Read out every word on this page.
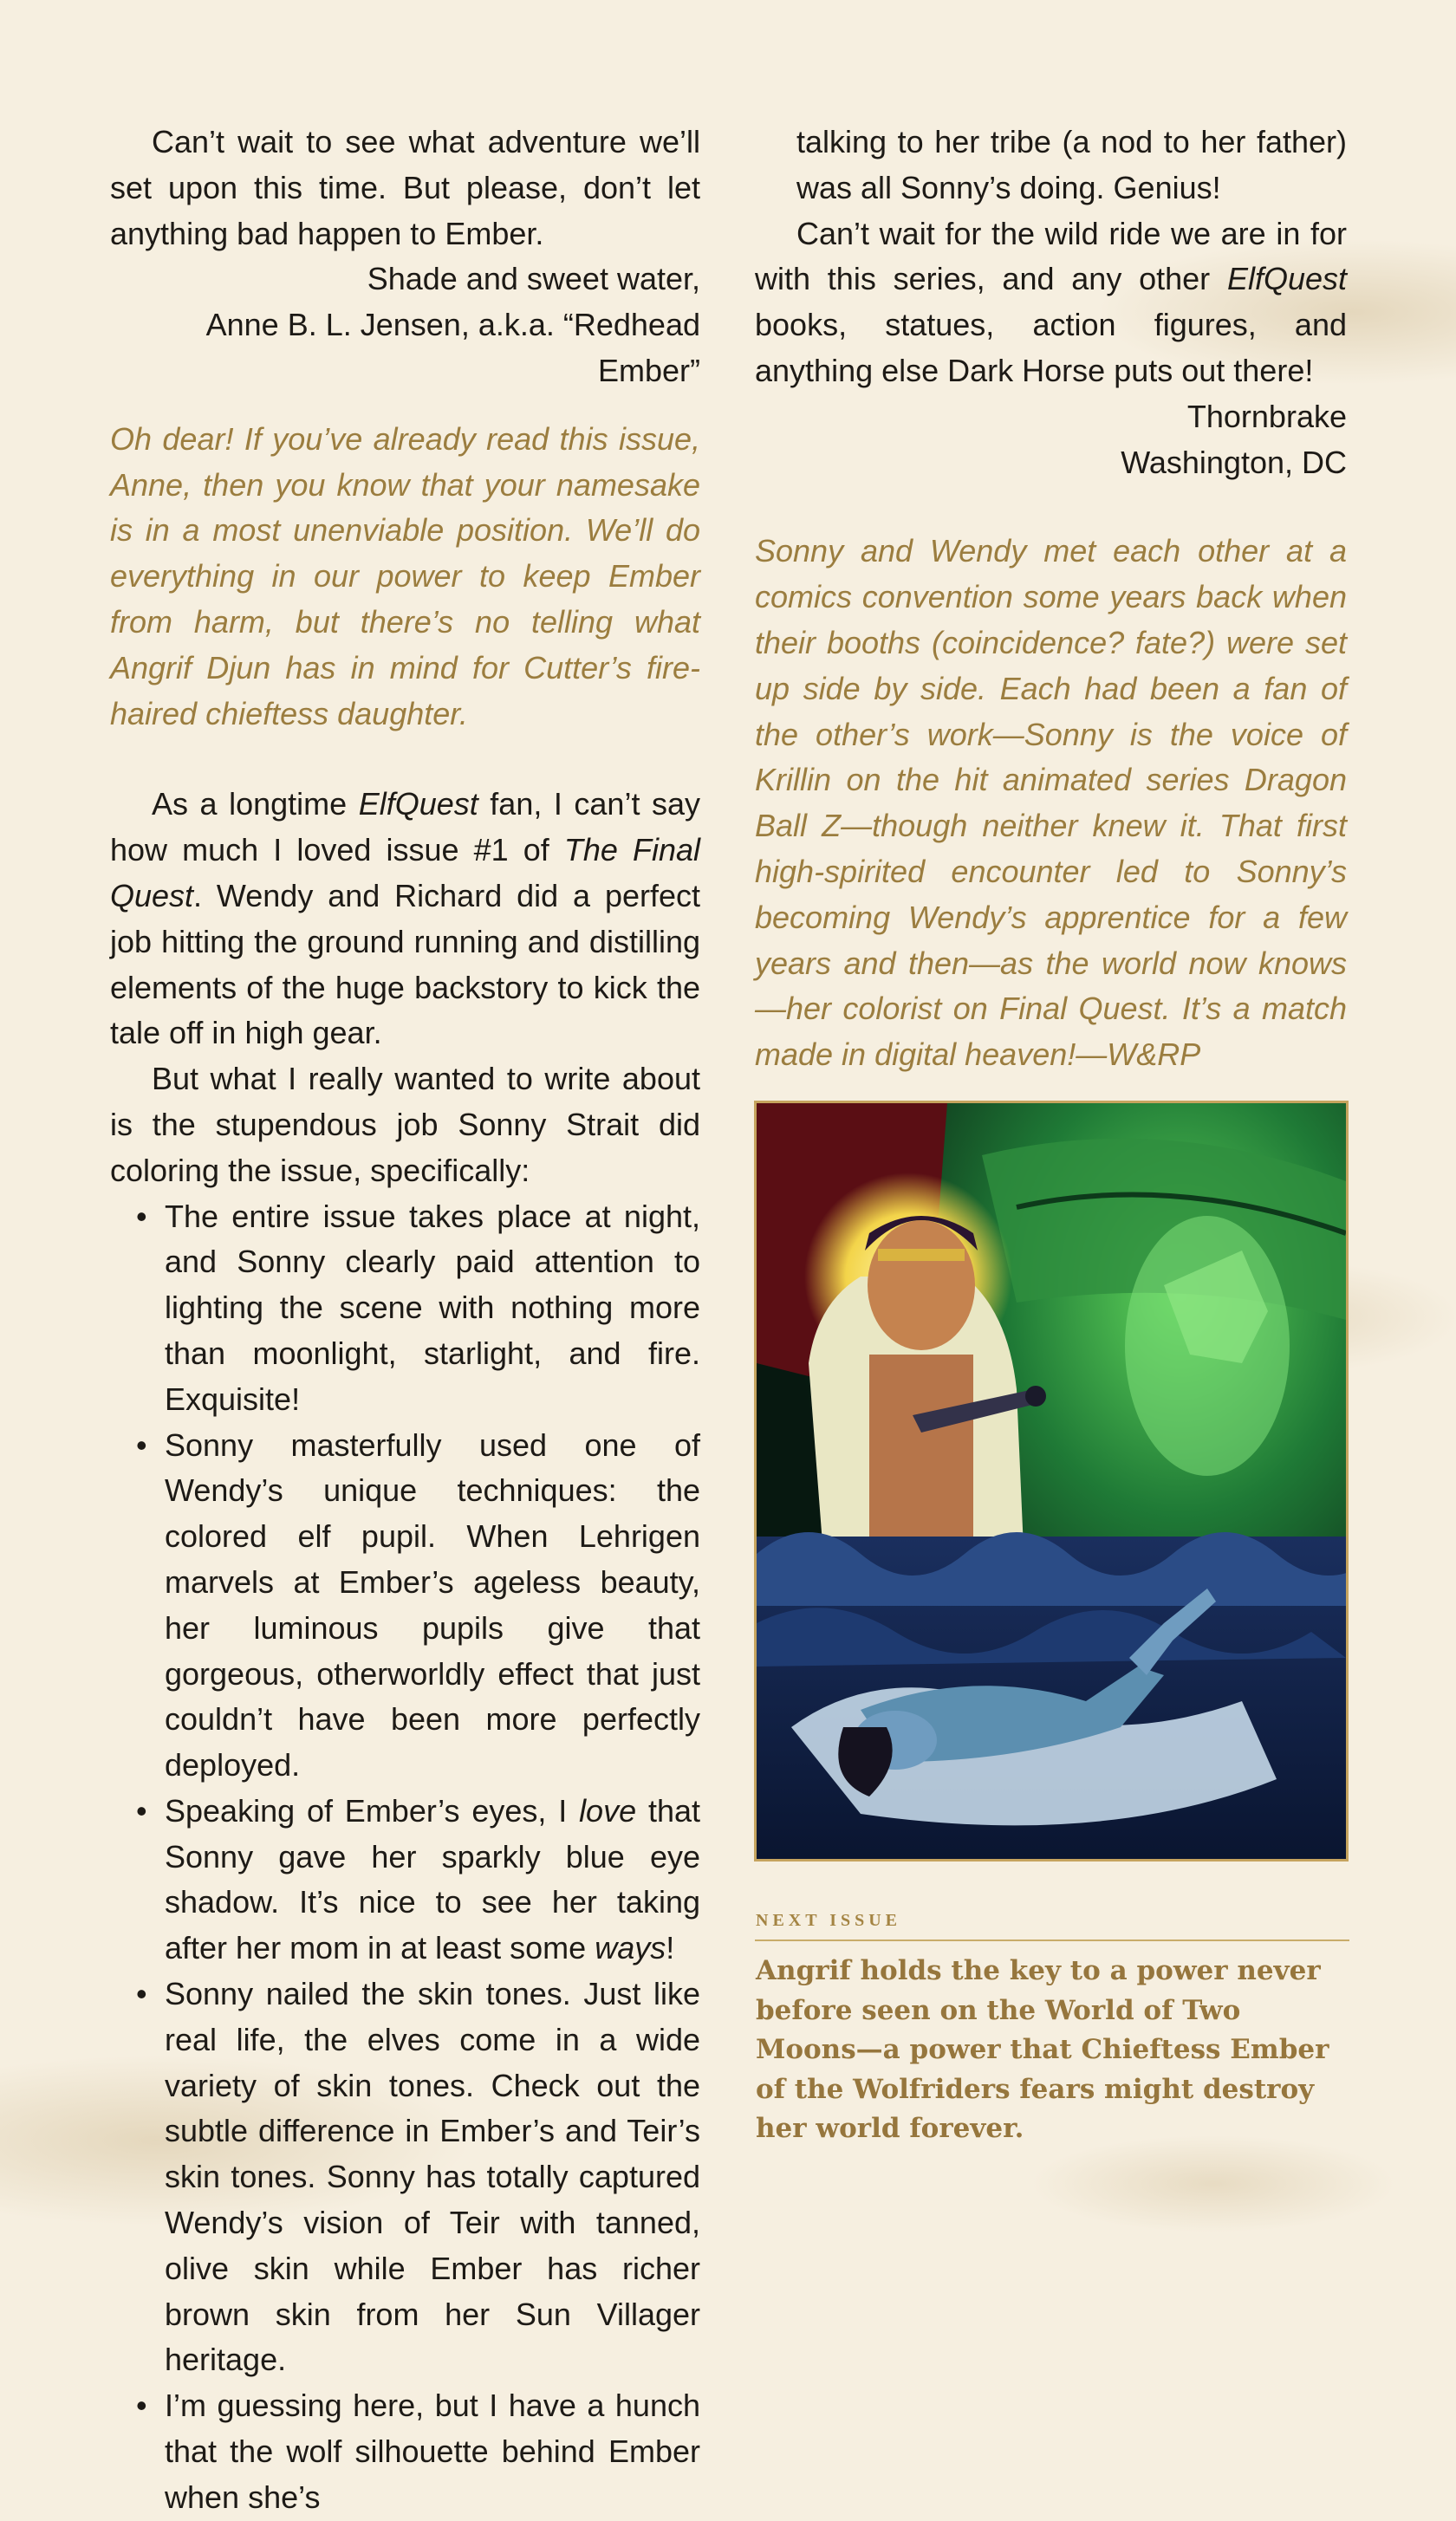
Can’t wait to see what adventure we’ll set upon this time. But please, don’t let anything bad happen to Ember.

Shade and sweet water,

Anne B. L. Jensen, a.k.a. “Redhead Ember”

Oh dear! If you’ve already read this issue, Anne, then you know that your namesake is in a most unenviable position. We’ll do everything in our power to keep Ember from harm, but there’s no telling what Angrif Djun has in mind for Cutter’s fire-haired chieftess daughter.

As a longtime ElfQuest fan, I can’t say how much I loved issue #1 of The Final Quest. Wendy and Richard did a perfect job hitting the ground running and distilling elements of the huge backstory to kick the tale off in high gear.

But what I really wanted to write about is the stupendous job Sonny Strait did coloring the issue, specifically:

• The entire issue takes place at night, and Sonny clearly paid attention to lighting the scene with nothing more than moonlight, starlight, and fire. Exquisite!
• Sonny masterfully used one of Wendy’s unique techniques: the colored elf pupil. When Lehrigen marvels at Ember’s ageless beauty, her luminous pupils give that gorgeous, otherworldly effect that just couldn’t have been more perfectly deployed.
• Speaking of Ember’s eyes, I love that Sonny gave her sparkly blue eye shadow. It’s nice to see her taking after her mom in at least some ways!
• Sonny nailed the skin tones. Just like real life, the elves come in a wide variety of skin tones. Check out the subtle difference in Ember’s and Teir’s skin tones. Sonny has totally captured Wendy’s vision of Teir with tanned, olive skin while Ember has richer brown skin from her Sun Villager heritage.
• I’m guessing here, but I have a hunch that the wolf silhouette behind Ember when she’s

talking to her tribe (a nod to her father) was all Sonny’s doing. Genius!

Can’t wait for the wild ride we are in for with this series, and any other ElfQuest books, statues, action figures, and anything else Dark Horse puts out there!

Thornbrake

Washington, DC

Sonny and Wendy met each other at a comics convention some years back when their booths (coincidence? fate?) were set up side by side. Each had been a fan of the other’s work—Sonny is the voice of Krillin on the hit animated series Dragon Ball Z—though neither knew it. That first high-spirited encounter led to Sonny’s becoming Wendy’s apprentice for a few years and then—as the world now knows—her colorist on Final Quest. It’s a match made in digital heaven!—W&RP

NEXT ISSUE
Angrif holds the key to a power never before seen on the World of Two Moons—a power that Chieftess Ember of the Wolfriders fears might destroy her world forever.
